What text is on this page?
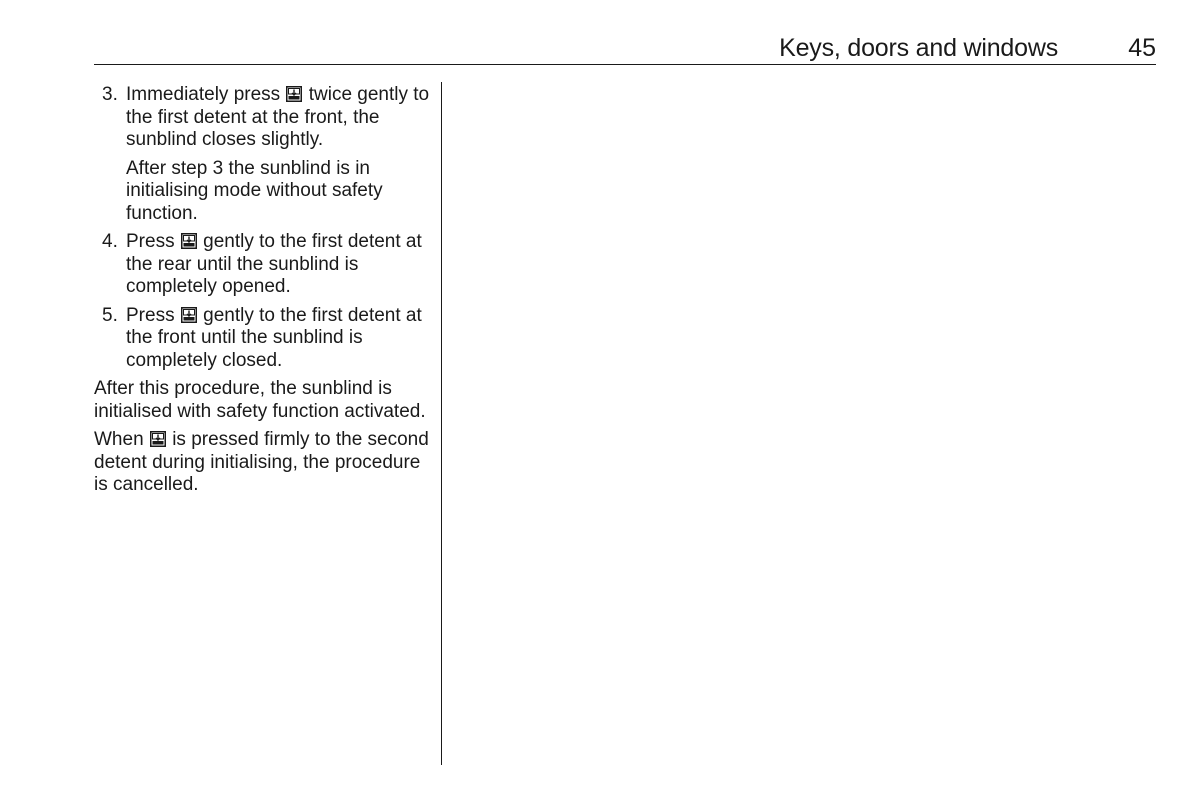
Keys, doors and windows	45
3. Immediately press twice gently to the first detent at the front, the sunblind closes slightly.
After step 3 the sunblind is in initialising mode without safety function.
4. Press gently to the first detent at the rear until the sunblind is completely opened.
5. Press gently to the first detent at the front until the sunblind is completely closed.
After this procedure, the sunblind is initialised with safety function activated.
When is pressed firmly to the second detent during initialising, the procedure is cancelled.
